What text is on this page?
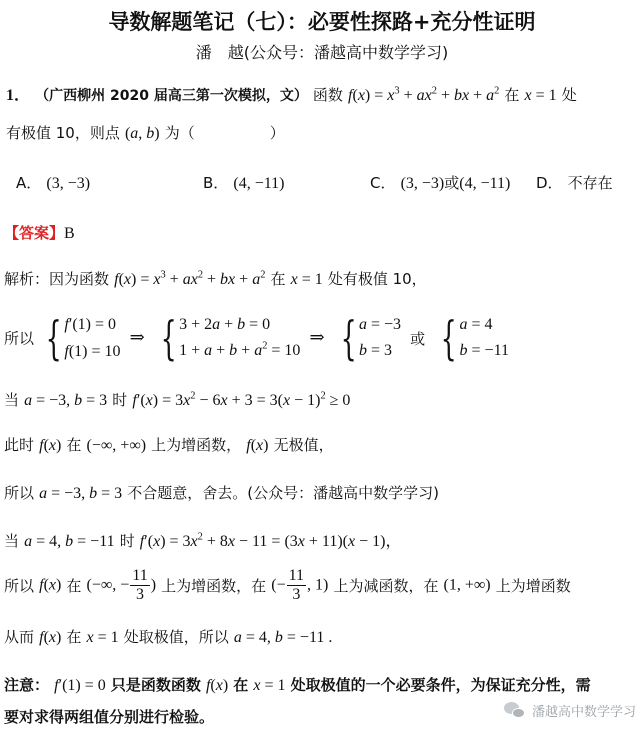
导数解题笔记（七）：必要性探路+充分性证明
潘　越(公众号：潘越高中数学学习)
1． （广西柳州 2020 届高三第一次模拟，文） 函数 $f(x) = x^3 + ax^2$ + bx + $a^2$ 在 x = 1 处
有极值 10，则点 (a, b) 为（　　　　　）
A． (3, −3)	B． (4, −11)	C． (3, −3)或(4, −11) D． 不存在
【答案】B
解析：因为函数 $f(x) = x^3 + ax^2$ + bx + $a^2$ 在 x = 1 处有极值 10，
所以 { f′(1) = 0
f(1) = 10
⇒ { 3 + 2a + b = 0
$1 + a + b + a^2 = 10$
⇒ { a = −3
b = 3
或 { a = 4
b = −11
当 a = −3, b = 3 时 $f'(x) = 3x^2 - 6x + 3 = 3(x - 1)^2 \ge 0$
此时 f(x) 在 (−∞, +∞) 上为增函数， f(x) 无极值，
所以 a = −3, b = 3 不合题意，舍去。(公众号：潘越高中数学学习)
当 a = 4, b = −11 时 $f'(x) = 3x^2 + 8x - 11 = (3x + 11)(x - 1)$，
所以 f(x) 在 (−∞, − $\frac{11}{3}$ ) 上为增函数，在 (− $\frac{11}{3}$ , 1) 上为减函数，在 (1, +∞) 上为增函数
从而 f(x) 在 x = 1 处取极值，所以 a = 4, b = −11 .
注意： f′(1) = 0 只是函数函数 f(x) 在 x = 1 处取极值的一个必要条件，为保证充分性，需
要对求得两组值分别进行检验。	潘越高中数学学习
